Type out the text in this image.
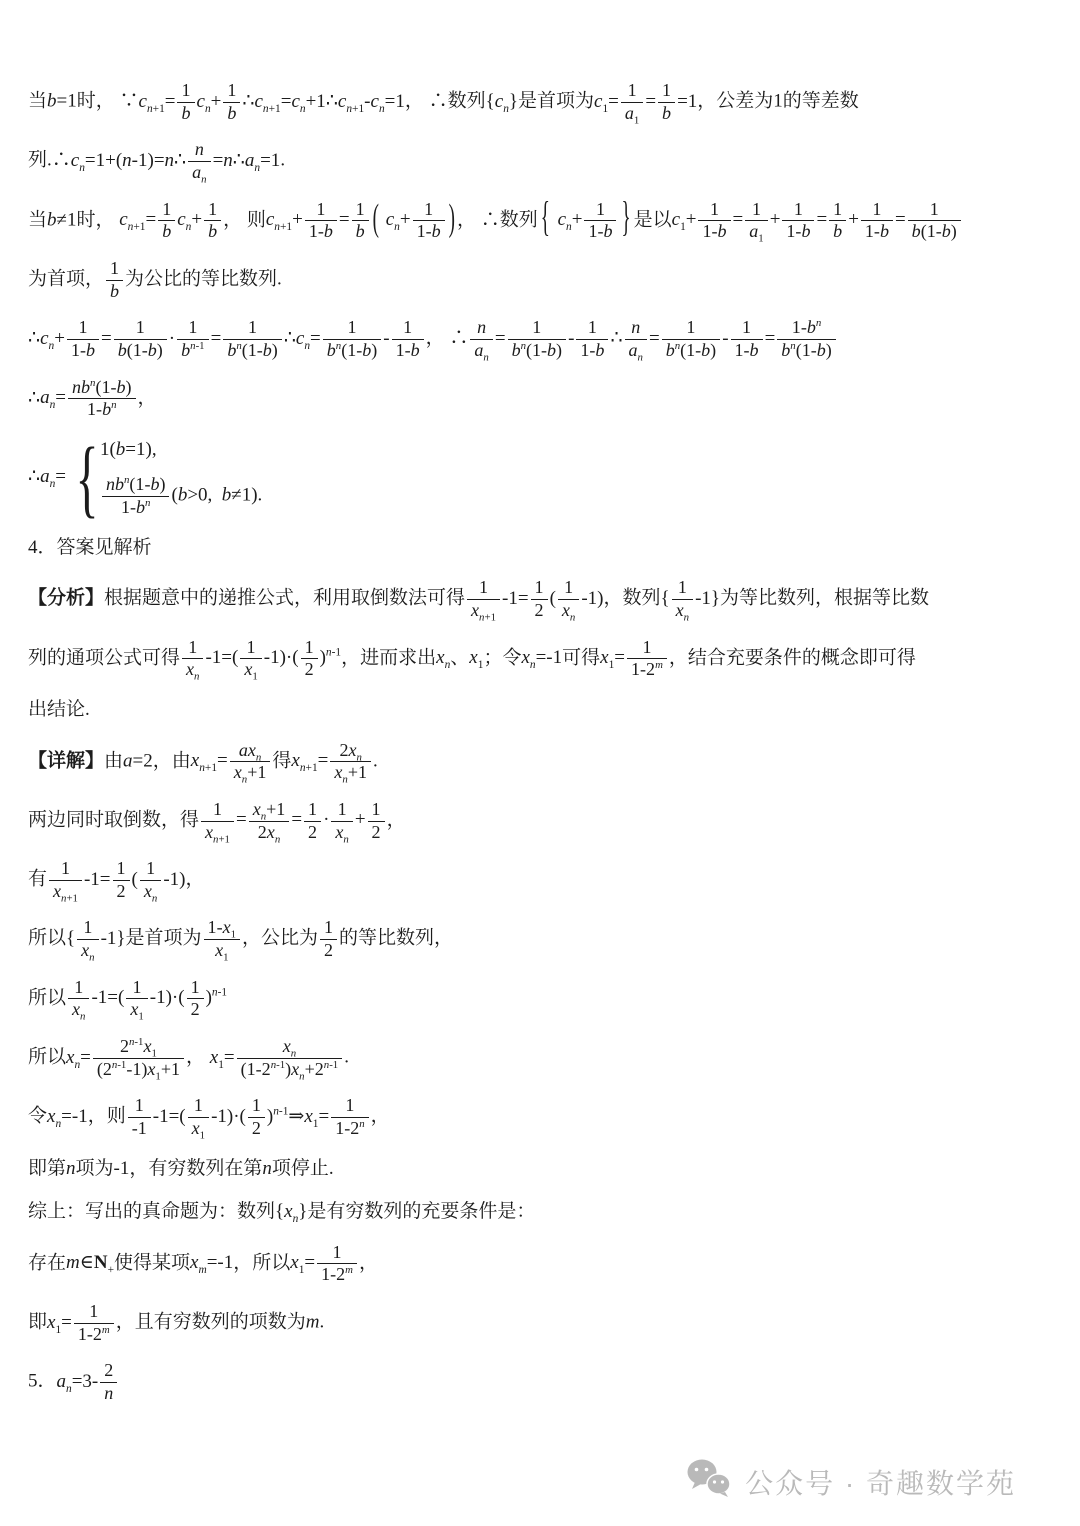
当b=1时， $\because c_{n+1}= \frac{1}{b} c_n+ \frac{1}{b}$ $\therefore c_{n+1}=c_n+1\therefore c_{n+1}-c_n=1$， ∴数列$\{c_n\}$是首项为$c_1= \frac{1}{a_1} = \frac{1}{b} =1$，公差为1的等差数
列$.\therefore c_n=1+(n-1)=n\therefore \frac{n}{a_n}$ $=n\therefore a_n=1$.
当b≠1时， $c_{n+1}= \frac{1}{b} c_n+ \frac{1}{b}$ ， 则$c_{n+1}+ \frac{1}{1-b} = \frac{1}{b}$ ( $c_n+ \frac{1}{1-b}$ ) ， ∴数列 { $c_n+ \frac{1}{1-b}$ } 是以$c_1+ \frac{1}{1-b} = \frac{1}{a_1} + \frac{1}{1-b} = \frac{1}{b} + \frac{1}{1-b} = \frac{1}{b(1-b)}$
为首项， $\frac{1}{b}$ 为公比的等比数列.
$\therefore c_n+ \frac{1}{1-b} = \frac{1}{b(1-b)} \cdot \frac{1}{b^{n-1}} = \frac{1}{b^n(1-b)}$ $\therefore c_n= \frac{1}{b^n(1-b)} - \frac{1}{1-b}$ ， ∴ $\frac{n}{a_n} = \frac{1}{b^n(1-b)} - \frac{1}{1-b}$ ∴ $\frac{n}{a_n} = \frac{1}{b^n(1-b)} - \frac{1}{1-b} = \frac{1-b^n}{b^n(1-b)}$
$\therefore a_n= \frac{nb^n(1-b)}{1-b^n}$ ，
$\therefore a_n=$ { 1(b=1),
$\frac{nb^n(1-b)}{1-b^n} (b>0$,  b≠1).
4．答案见解析
【分析】根据题意中的递推公式，利用取倒数法可得 $\frac{1}{x_{n+1}} -1= \frac{1}{2}$ ( $\frac{1}{x_n} -1$)，数列{ $\frac{1}{x_n} -1$}为等比数列，根据等比数
列的通项公式可得 $\frac{1}{x_n} -1=( \frac{1}{x_1} -1)\cdot( \frac{1}{2} )^{n-1}$，进而求出$x_n$、$x_1$；令$x_n=-1$可得$x_1= \frac{1}{1-2^m}$ ，结合充要条件的概念即可得
出结论.
【详解】由a=2，由$x_{n+1}= \frac{ax_n}{x_n+1}$ 得$x_{n+1}= \frac{2x_n}{x_n+1}$ .
两边同时取倒数，得 $\frac{1}{x_{n+1}} = \frac{x_n+1}{2x_n} = \frac{1}{2} \cdot \frac{1}{x_n} + \frac{1}{2}$ ，
有 $\frac{1}{x_{n+1}} -1= \frac{1}{2}$ ( $\frac{1}{x_n} -1$)，
所以{ $\frac{1}{x_n} -1$}是首项为 $\frac{1-x_1}{x_1}$ ，公比为 $\frac{1}{2}$ 的等比数列，
所以 $\frac{1}{x_n} -1=( \frac{1}{x_1} -1)\cdot( \frac{1}{2} )^{n-1}$
所以$x_n= \frac{2^{n-1}x_1}{(2^{n-1}-1)x_1+1}$ ， $x_1= \frac{x_n}{(1-2^{n-1})x_n+2^{n-1}}$ .
令$x_n=-1$，则 $\frac{1}{-1} -1=( \frac{1}{x_1} -1)\cdot( \frac{1}{2}$ )$^{n-1}\Rightarrow x_1= \frac{1}{1-2^n}$ ，
即第n项为-1，有穷数列在第n项停止.
综上：写出的真命题为：数列$\{x_n\}$是有穷数列的充要条件是：
存在$m\in N_+$使得某项$x_m=-1$，所以$x_1= \frac{1}{1-2^m}$ ，
即$x_1= \frac{1}{1-2^m}$ ，且有穷数列的项数为m.
5．$a_n=3- \frac{2}{n}$
公众号 · 奇趣数学苑
